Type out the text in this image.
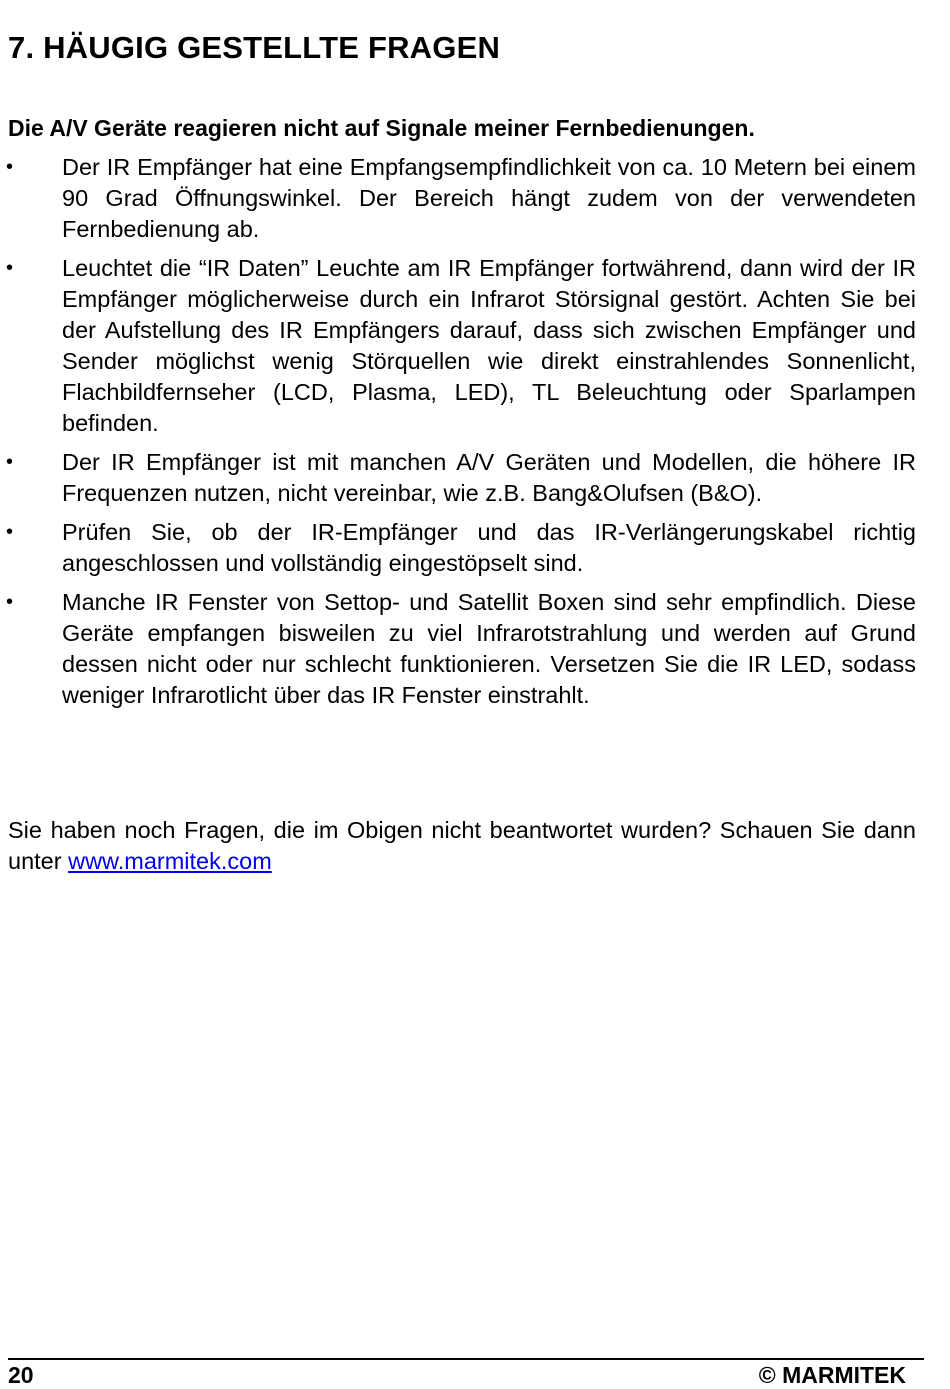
7. HÄUGIG GESTELLTE FRAGEN
Die A/V Geräte reagieren nicht auf Signale meiner Fernbedienungen.
• Der IR Empfänger hat eine Empfangsempfindlichkeit von ca. 10 Metern bei einem 90 Grad Öffnungswinkel. Der Bereich hängt zudem von der verwendeten Fernbedienung ab.
• Leuchtet die “IR Daten” Leuchte am IR Empfänger fortwährend, dann wird der IR Empfänger möglicherweise durch ein Infrarot Störsignal gestört. Achten Sie bei der Aufstellung des IR Empfängers darauf, dass sich zwischen Empfänger und Sender möglichst wenig Störquellen wie direkt einstrahlendes Sonnenlicht, Flachbildfernseher (LCD, Plasma, LED), TL Beleuchtung oder Sparlampen befinden.
• Der IR Empfänger ist mit manchen A/V Geräten und Modellen, die höhere IR Frequenzen nutzen, nicht vereinbar, wie z.B. Bang&Olufsen (B&O).
• Prüfen Sie, ob der IR-Empfänger und das IR-Verlängerungskabel richtig angeschlossen und vollständig eingestöpselt sind.
• Manche IR Fenster von Settop- und Satellit Boxen sind sehr empfindlich. Diese Geräte empfangen bisweilen zu viel Infrarotstrahlung und werden auf Grund dessen nicht oder nur schlecht funktionieren. Versetzen Sie die IR LED, sodass weniger Infrarotlicht über das IR Fenster einstrahlt.

Sie haben noch Fragen, die im Obigen nicht beantwortet wurden? Schauen Sie dann unter www.marmitek.com

20	© MARMITEK
